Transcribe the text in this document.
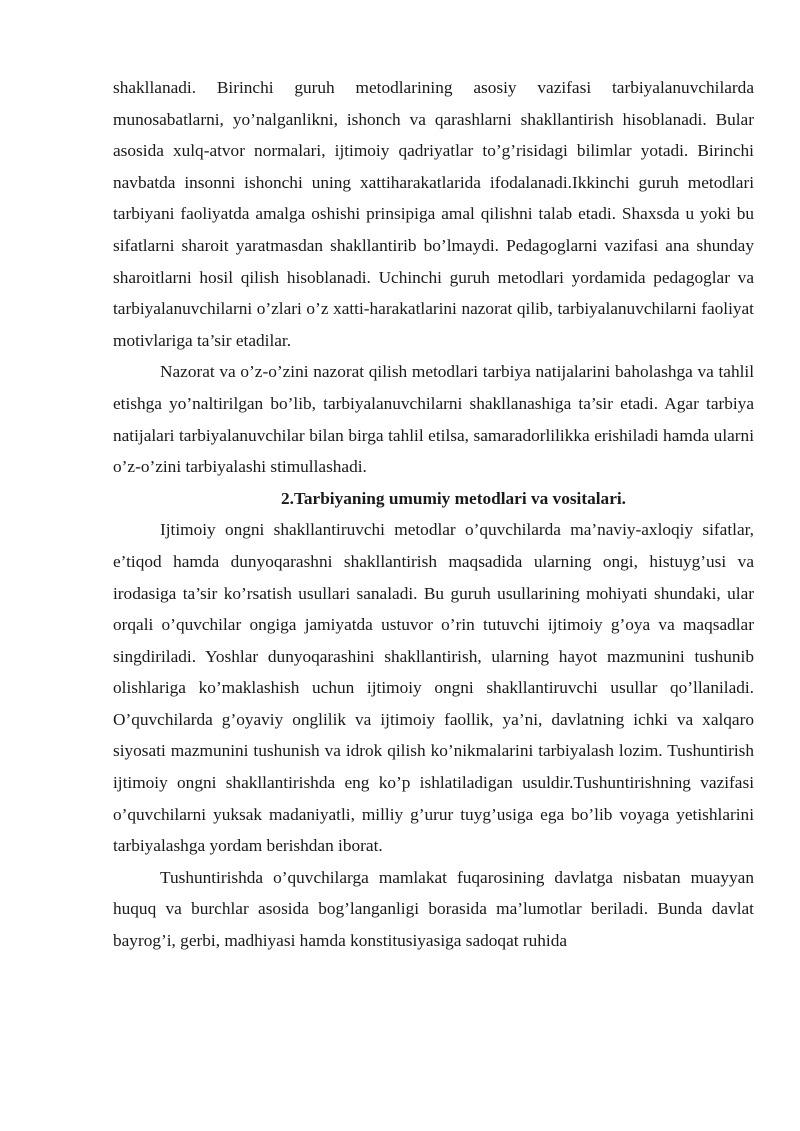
shakllanadi. Birinchi guruh metodlarining asosiy vazifasi tarbiyalanuvchilarda munosabatlarni, yo’nalganlikni, ishonch va qarashlarni shakllantirish hisoblanadi. Bular asosida xulq-atvor normalari, ijtimoiy qadriyatlar to’g’risidagi bilimlar yotadi. Birinchi navbatda insonni ishonchi uning xattiharakatlarida ifodalanadi.Ikkinchi guruh metodlari tarbiyani faoliyatda amalga oshishi prinsipiga amal qilishni talab etadi. Shaxsda u yoki bu sifatlarni sharoit yaratmasdan shakllantirib bo’lmaydi. Pedagoglarni vazifasi ana shunday sharoitlarni hosil qilish hisoblanadi. Uchinchi guruh metodlari yordamida pedagoglar va tarbiyalanuvchilarni o’zlari o’z xatti-harakatlarini nazorat qilib, tarbiyalanuvchilarni faoliyat motivlariga ta’sir etadilar.

Nazorat va o’z-o’zini nazorat qilish metodlari tarbiya natijalarini baholashga va tahlil etishga yo’naltirilgan bo’lib, tarbiyalanuvchilarni shakllanashiga ta’sir etadi. Agar tarbiya natijalari tarbiyalanuvchilar bilan birga tahlil etilsa, samaradorlilikka erishiladi hamda ularni o’z-o’zini tarbiyalashi stimullashadi.

2.Tarbiyaning umumiy metodlari va vositalari.

Ijtimoiy ongni shakllantiruvchi metodlar o’quvchilarda ma’naviy-axloqiy sifatlar, e’tiqod hamda dunyoqarashni shakllantirish maqsadida ularning ongi, histuyg’usi va irodasiga ta’sir ko’rsatish usullari sanaladi. Bu guruh usullarining mohiyati shundaki, ular orqali o’quvchilar ongiga jamiyatda ustuvor o’rin tutuvchi ijtimoiy g’oya va maqsadlar singdiriladi. Yoshlar dunyoqarashini shakllantirish, ularning hayot mazmunini tushunib olishlariga ko’maklashish uchun ijtimoiy ongni shakllantiruvchi usullar qo’llaniladi. O’quvchilarda g’oyaviy onglilik va ijtimoiy faollik, ya’ni, davlatning ichki va xalqaro siyosati mazmunini tushunish va idrok qilish ko’nikmalarini tarbiyalash lozim. Tushuntirish ijtimoiy ongni shakllantirishda eng ko’p ishlatiladigan usuldir.Tushuntirishning vazifasi o’quvchilarni yuksak madaniyatli, milliy g’urur tuyg’usiga ega bo’lib voyaga yetishlarini tarbiyalashga yordam berishdan iborat.

Tushuntirishda o’quvchilarga mamlakat fuqarosining davlatga nisbatan muayyan huquq va burchlar asosida bog’langanligi borasida ma’lumotlar beriladi. Bunda davlat bayrog’i, gerbi, madhiyasi hamda konstitusiyasiga sadoqat ruhida
